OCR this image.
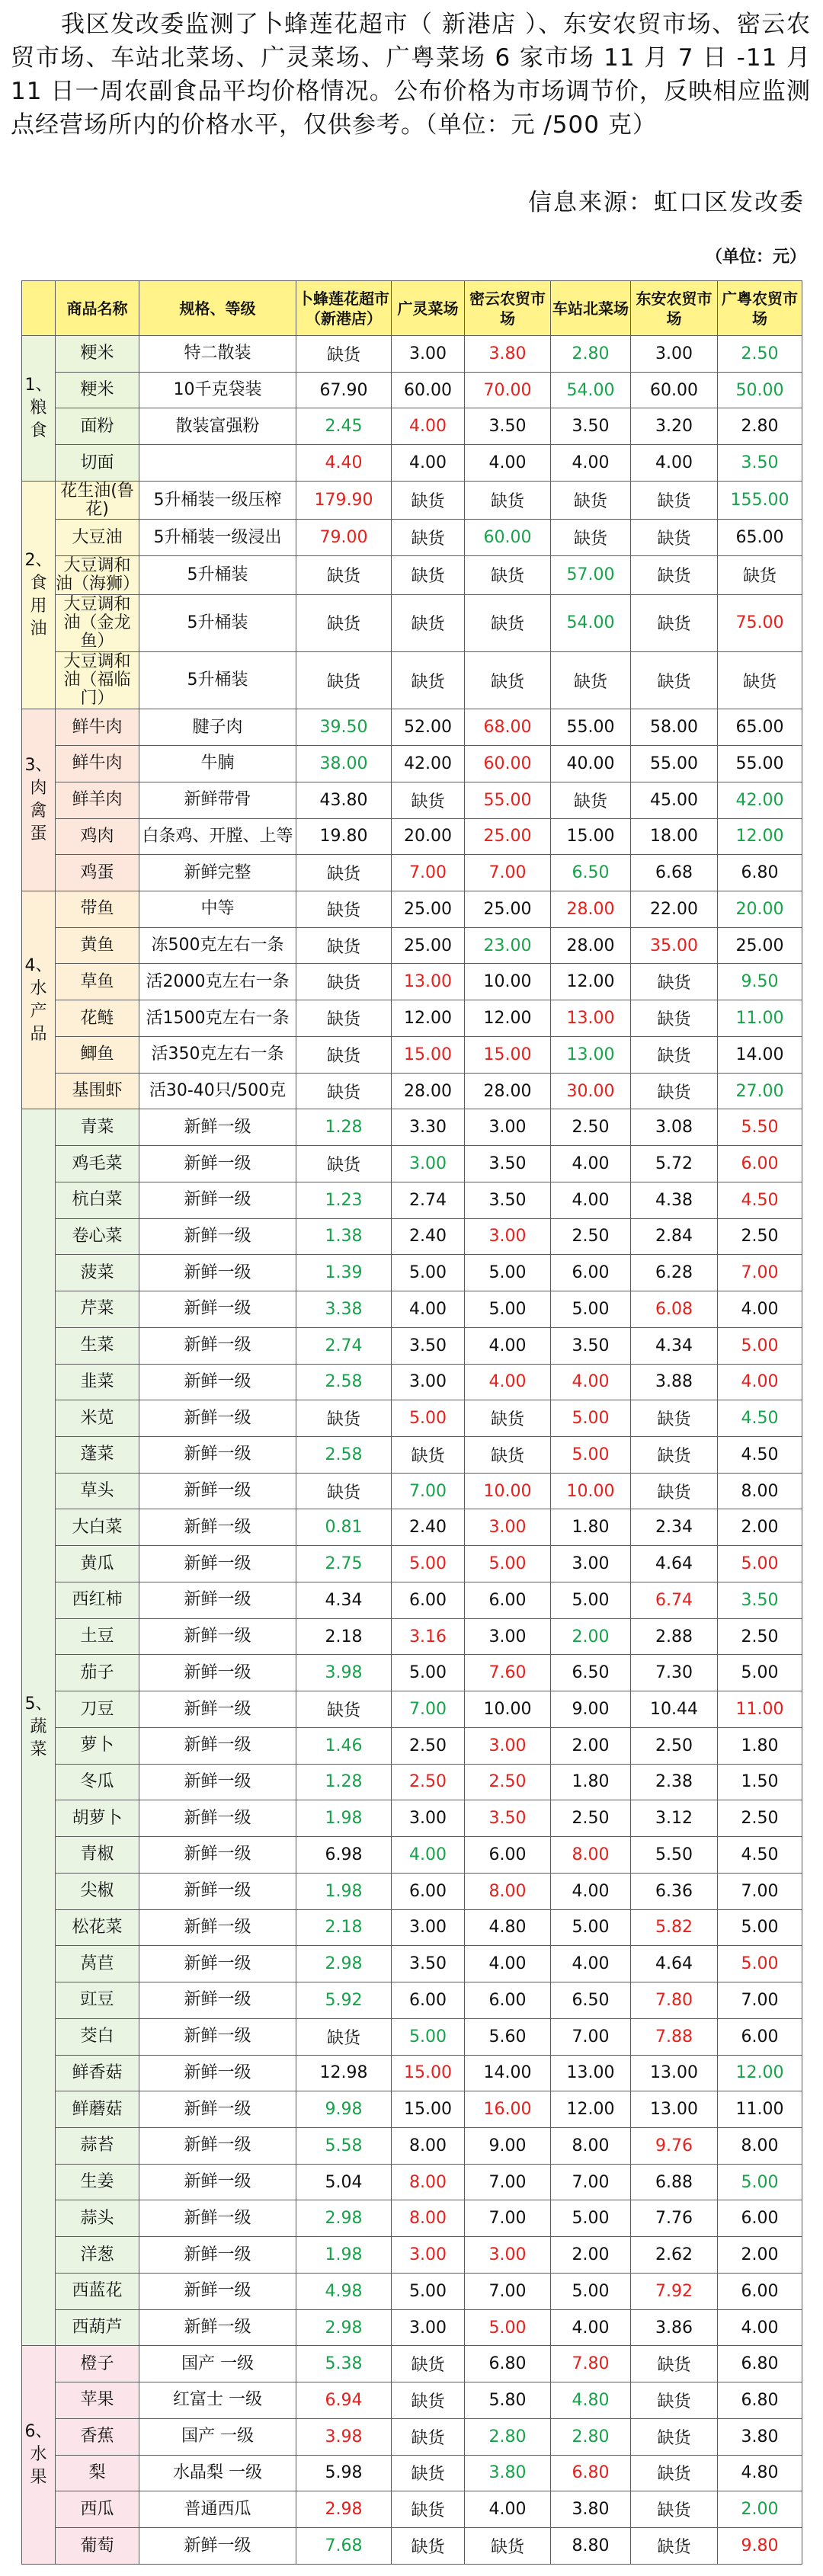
我区发改委监测了卜蜂莲花超市（ 新港店 ）、东安农贸市场、密云农贸市场、车站北菜场、广灵菜场、广粤菜场 6 家市场 11 月 7 日 -11 月 11 日一周农副食品平均价格情况。公布价格为市场调节价，反映相应监测点经营场所内的价格水平，仅供参考。（单位：元 /500 克）
信息来源：虹口区发改委
（单位：元）
	商品名称	规格、等级	卜蜂莲花超市（新港店）	广灵菜场	密云农贸市场	车站北菜场	东安农贸市场	广粤农贸市场
1、粮食	粳米	特二散装	缺货	3.00	3.80	2.80	3.00	2.50
	粳米	10千克袋装	67.90	60.00	70.00	54.00	60.00	50.00
	面粉	散装富强粉	2.45	4.00	3.50	3.50	3.20	2.80
	切面		4.40	4.00	4.00	4.00	4.00	3.50
2、食用油	花生油(鲁花)	5升桶装一级压榨	179.90	缺货	缺货	缺货	缺货	155.00
	大豆油	5升桶装一级浸出	79.00	缺货	60.00	缺货	缺货	65.00
	大豆调和油（海狮）	5升桶装	缺货	缺货	缺货	57.00	缺货	缺货
	大豆调和油（金龙鱼）	5升桶装	缺货	缺货	缺货	54.00	缺货	75.00
	大豆调和油（福临门）	5升桶装	缺货	缺货	缺货	缺货	缺货	缺货
3、肉禽蛋	鲜牛肉	腱子肉	39.50	52.00	68.00	55.00	58.00	65.00
	鲜牛肉	牛腩	38.00	42.00	60.00	40.00	55.00	55.00
	鲜羊肉	新鲜带骨	43.80	缺货	55.00	缺货	45.00	42.00
	鸡肉	白条鸡、开膛、上等	19.80	20.00	25.00	15.00	18.00	12.00
	鸡蛋	新鲜完整	缺货	7.00	7.00	6.50	6.68	6.80
4、水产品	带鱼	中等	缺货	25.00	25.00	28.00	22.00	20.00
	黄鱼	冻500克左右一条	缺货	25.00	23.00	28.00	35.00	25.00
	草鱼	活2000克左右一条	缺货	13.00	10.00	12.00	缺货	9.50
	花鲢	活1500克左右一条	缺货	12.00	12.00	13.00	缺货	11.00
	鲫鱼	活350克左右一条	缺货	15.00	15.00	13.00	缺货	14.00
	基围虾	活30-40只/500克	缺货	28.00	28.00	30.00	缺货	27.00
5、蔬菜	青菜	新鲜一级	1.28	3.30	3.00	2.50	3.08	5.50
	鸡毛菜	新鲜一级	缺货	3.00	3.50	4.00	5.72	6.00
	杭白菜	新鲜一级	1.23	2.74	3.50	4.00	4.38	4.50
	卷心菜	新鲜一级	1.38	2.40	3.00	2.50	2.84	2.50
	菠菜	新鲜一级	1.39	5.00	5.00	6.00	6.28	7.00
	芹菜	新鲜一级	3.38	4.00	5.00	5.00	6.08	4.00
	生菜	新鲜一级	2.74	3.50	4.00	3.50	4.34	5.00
	韭菜	新鲜一级	2.58	3.00	4.00	4.00	3.88	4.00
	米苋	新鲜一级	缺货	5.00	缺货	5.00	缺货	4.50
	蓬菜	新鲜一级	2.58	缺货	缺货	5.00	缺货	4.50
	草头	新鲜一级	缺货	7.00	10.00	10.00	缺货	8.00
	大白菜	新鲜一级	0.81	2.40	3.00	1.80	2.34	2.00
	黄瓜	新鲜一级	2.75	5.00	5.00	3.00	4.64	5.00
	西红柿	新鲜一级	4.34	6.00	6.00	5.00	6.74	3.50
	土豆	新鲜一级	2.18	3.16	3.00	2.00	2.88	2.50
	茄子	新鲜一级	3.98	5.00	7.60	6.50	7.30	5.00
	刀豆	新鲜一级	缺货	7.00	10.00	9.00	10.44	11.00
	萝卜	新鲜一级	1.46	2.50	3.00	2.00	2.50	1.80
	冬瓜	新鲜一级	1.28	2.50	2.50	1.80	2.38	1.50
	胡萝卜	新鲜一级	1.98	3.00	3.50	2.50	3.12	2.50
	青椒	新鲜一级	6.98	4.00	6.00	8.00	5.50	4.50
	尖椒	新鲜一级	1.98	6.00	8.00	4.00	6.36	7.00
	松花菜	新鲜一级	2.18	3.00	4.80	5.00	5.82	5.00
	莴苣	新鲜一级	2.98	3.50	4.00	4.00	4.64	5.00
	豇豆	新鲜一级	5.92	6.00	6.00	6.50	7.80	7.00
	茭白	新鲜一级	缺货	5.00	5.60	7.00	7.88	6.00
	鲜香菇	新鲜一级	12.98	15.00	14.00	13.00	13.00	12.00
	鲜蘑菇	新鲜一级	9.98	15.00	16.00	12.00	13.00	11.00
	蒜苔	新鲜一级	5.58	8.00	9.00	8.00	9.76	8.00
	生姜	新鲜一级	5.04	8.00	7.00	7.00	6.88	5.00
	蒜头	新鲜一级	2.98	8.00	7.00	5.00	7.76	6.00
	洋葱	新鲜一级	1.98	3.00	3.00	2.00	2.62	2.00
	西蓝花	新鲜一级	4.98	5.00	7.00	5.00	7.92	6.00
	西葫芦	新鲜一级	2.98	3.00	5.00	4.00	3.86	4.00
6、水果	橙子	国产 一级	5.38	缺货	6.80	7.80	缺货	6.80
	苹果	红富士 一级	6.94	缺货	5.80	4.80	缺货	6.80
	香蕉	国产 一级	3.98	缺货	2.80	2.80	缺货	3.80
	梨	水晶梨 一级	5.98	缺货	3.80	6.80	缺货	4.80
	西瓜	普通西瓜	2.98	缺货	4.00	3.80	缺货	2.00
	葡萄	新鲜一级	7.68	缺货	缺货	8.80	缺货	9.80
